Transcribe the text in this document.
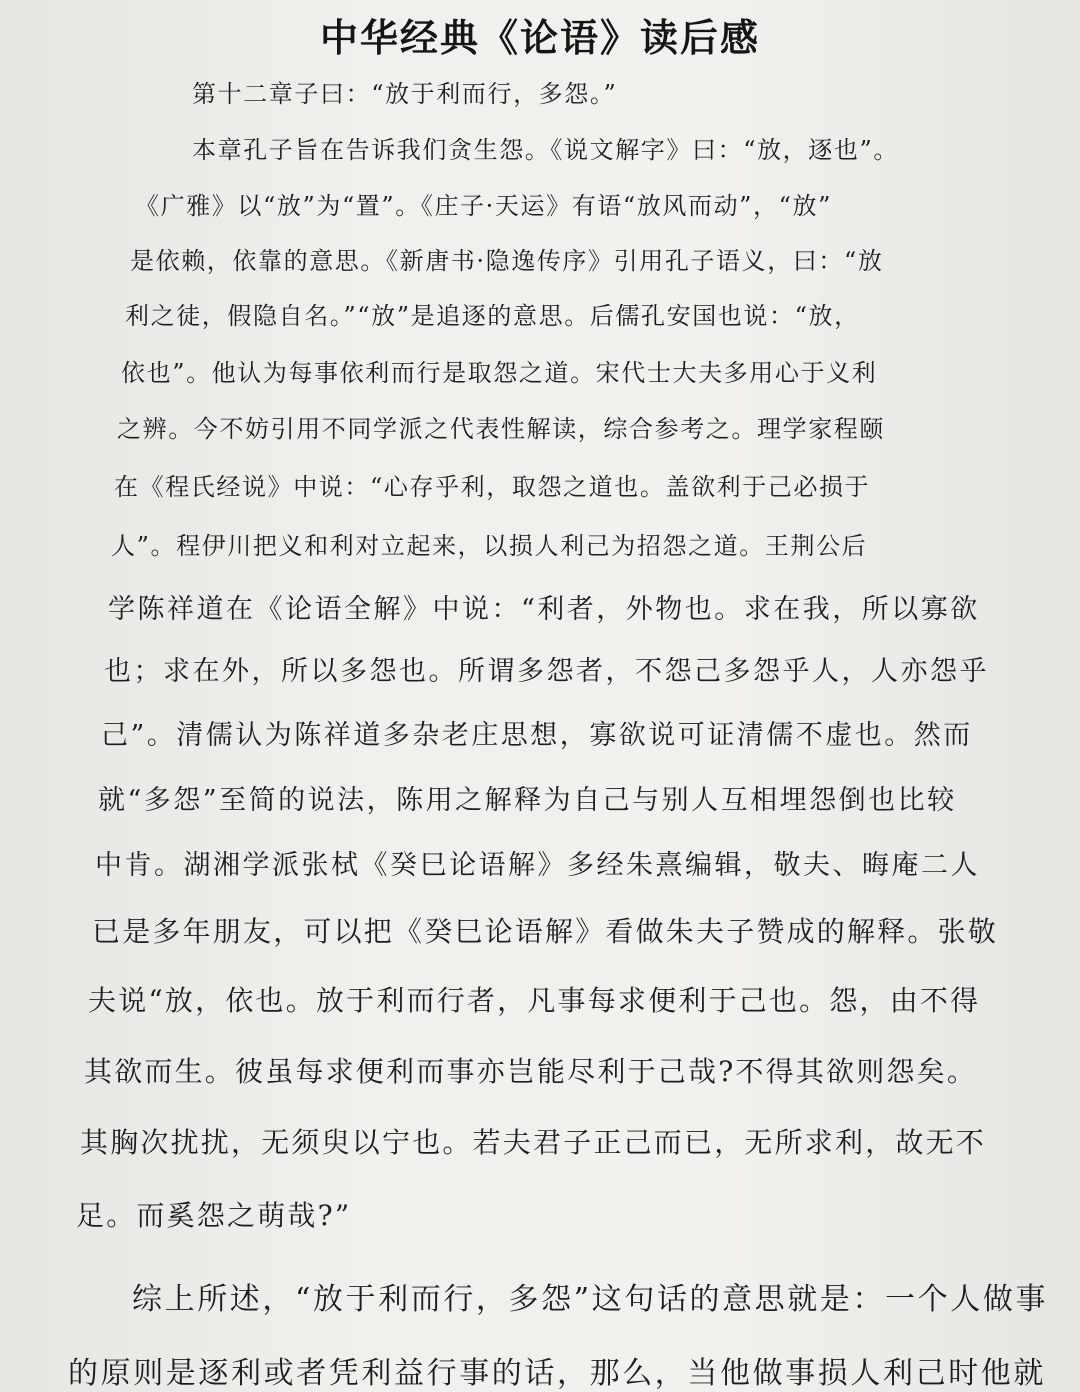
中华经典《论语》读后感
第十二章子曰：“放于利而行，多怨。”
本章孔子旨在告诉我们贪生怨。《说文解字》曰：“放，逐也”。
《广雅》以“放”为“置”。《庄子·天运》有语“放风而动”，“放”
是依赖，依靠的意思。《新唐书·隐逸传序》引用孔子语义，曰：“放
利之徒，假隐自名。”“放”是追逐的意思。后儒孔安国也说：“放，
依也”。他认为每事依利而行是取怨之道。宋代士大夫多用心于义利
之辨。今不妨引用不同学派之代表性解读，综合参考之。理学家程颐
在《程氏经说》中说：“心存乎利，取怨之道也。盖欲利于己必损于
人”。程伊川把义和利对立起来，以损人利己为招怨之道。王荆公后
学陈祥道在《论语全解》中说：“利者，外物也。求在我，所以寡欲
也；求在外，所以多怨也。所谓多怨者，不怨己多怨乎人，人亦怨乎
己”。清儒认为陈祥道多杂老庄思想，寡欲说可证清儒不虚也。然而
就“多怨”至简的说法，陈用之解释为自己与别人互相埋怨倒也比较
中肯。湖湘学派张栻《癸巳论语解》多经朱熹编辑，敬夫、晦庵二人
已是多年朋友，可以把《癸巳论语解》看做朱夫子赞成的解释。张敬
夫说“放，依也。放于利而行者，凡事每求便利于己也。怨，由不得
其欲而生。彼虽每求便利而事亦岂能尽利于己哉?不得其欲则怨矣。
其胸次扰扰，无须臾以宁也。若夫君子正己而已，无所求利，故无不
足。而奚怨之萌哉?”
综上所述，“放于利而行，多怨”这句话的意思就是：一个人做事
的原则是逐利或者凭利益行事的话，那么，当他做事损人利己时他就
